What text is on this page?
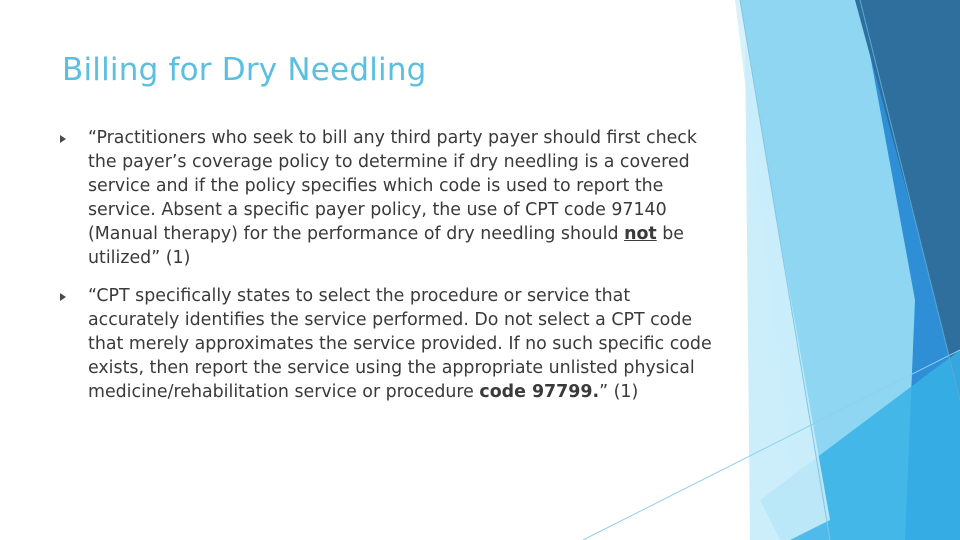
Billing for Dry Needling

“Practitioners who seek to bill any third party payer should first check the payer’s coverage policy to determine if dry needling is a covered service and if the policy specifies which code is used to report the service. Absent a specific payer policy, the use of CPT code 97140 (Manual therapy) for the performance of dry needling should not be utilized” (1)

“CPT specifically states to select the procedure or service that accurately identifies the service performed. Do not select a CPT code that merely approximates the service provided. If no such specific code exists, then report the service using the appropriate unlisted physical medicine/rehabilitation service or procedure code 97799.” (1)
